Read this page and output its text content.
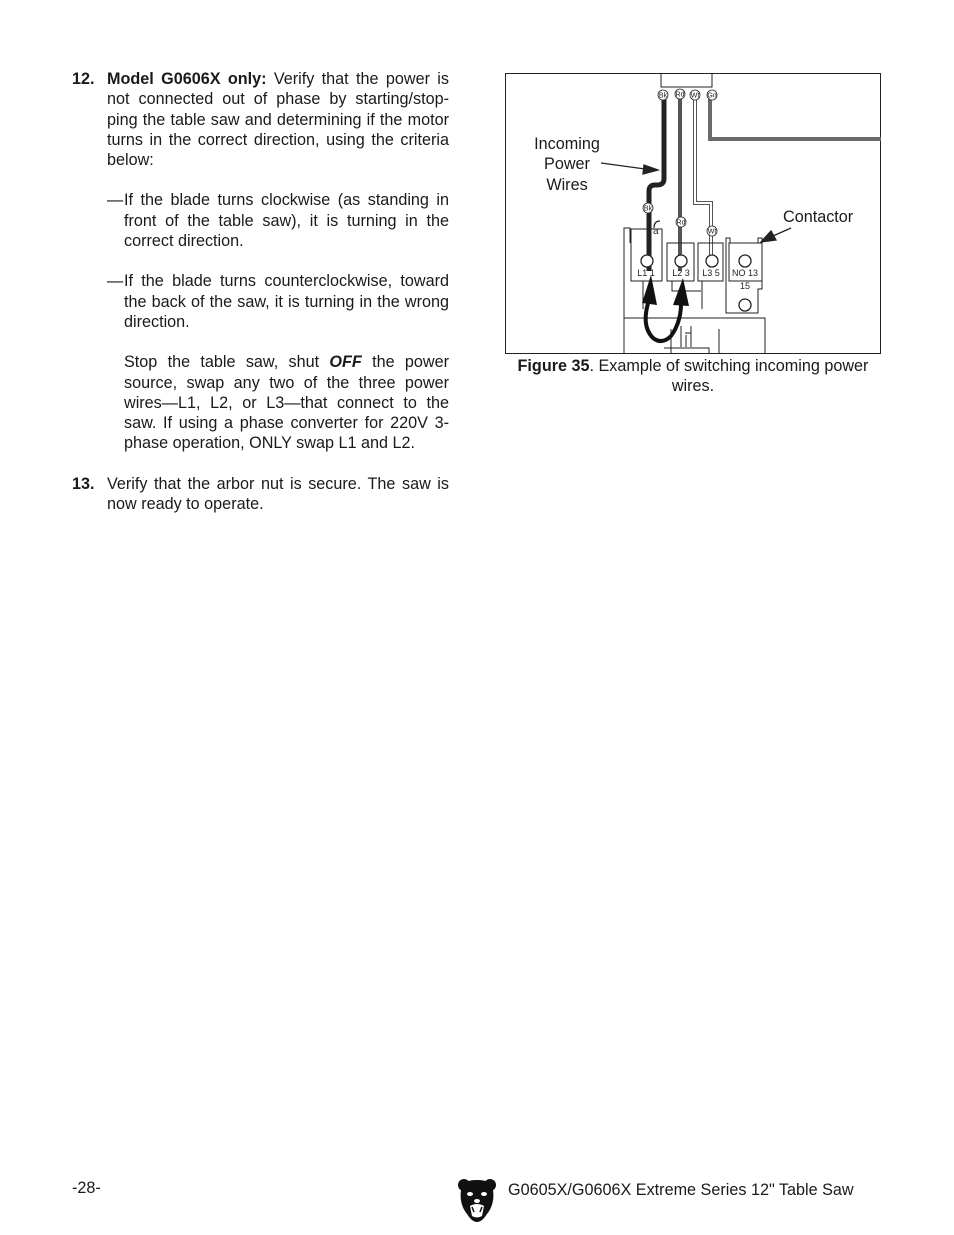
12. Model G0606X only: Verify that the power is not connected out of phase by starting/stop-ping the table saw and determining if the motor turns in the correct direction, using the criteria below:

— If the blade turns clockwise (as standing in front of the table saw), it is turning in the correct direction.
— If the blade turns counterclockwise, toward the back of the saw, it is turning in the wrong direction.

Stop the table saw, shut OFF the power source, swap any two of the three power wires—L1, L2, or L3—that connect to the saw. If using a phase converter for 220V 3-phase operation, ONLY swap L1 and L2.

13. Verify that the arbor nut is secure. The saw is now ready to operate.

Bk Rd Wt Gn
Bk
Rd
Wt
a
L1 1 L2 3 L3 5 NO 13
15
Incoming
Power
Wires
Contactor
Figure 35. Example of switching incoming power wires.
-28-	G0605X/G0606X Extreme Series 12" Table Saw
